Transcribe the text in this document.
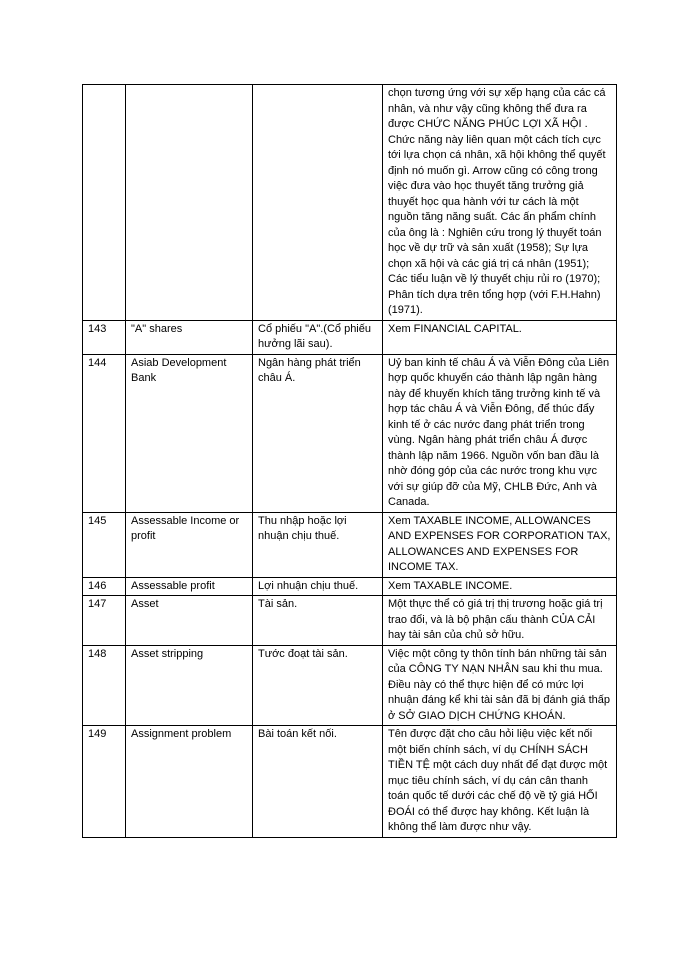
			chọn tương ứng với sự xếp hạng của các cá nhân, và như vậy cũng không thể đưa ra được CHỨC NĂNG PHÚC LỢI XÃ HỘI . Chức năng này liên quan một cách tích cực tới lựa chọn cá nhân, xã hội không thể quyết định nó muốn gì. Arrow cũng có công trong việc đưa vào học thuyết tăng trưởng giả thuyết học qua hành với tư cách là một nguồn tăng năng suất. Các ấn phẩm chính của ông là : Nghiên cứu trong lý thuyết toán học về dự trữ và sản xuất (1958); Sự lựa chọn xã hội và các giá trị cá nhân (1951); Các tiểu luận về lý thuyết chịu rủi ro (1970); Phân tích dựa trên tổng hợp (với F.H.Hahn) (1971).
143	"A" shares	Cổ phiếu "A".(Cổ phiếu hưởng lãi sau).	Xem FINANCIAL CAPITAL.
144	Asiab Development Bank	Ngân hàng phát triển châu Á.	Uỷ ban kinh tế châu Á và Viễn Đông của Liên hợp quốc khuyến cáo thành lập ngân hàng này để khuyến khích tăng trưởng kinh tế và hợp tác châu Á và Viễn Đông, để thúc đẩy kinh tế ở các nước đang phát triển trong vùng. Ngân hàng phát triển châu Á được thành lập năm 1966. Nguồn vốn ban đầu là nhờ đóng góp của các nước trong khu vực với sự giúp đỡ của Mỹ, CHLB Đức, Anh và Canada.
145	Assessable Income or profit	Thu nhập hoặc lợi nhuận chịu thuế.	Xem TAXABLE INCOME, ALLOWANCES AND EXPENSES FOR CORPORATION TAX, ALLOWANCES AND EXPENSES FOR INCOME TAX.
146	Assessable profit	Lợi nhuận chịu thuế.	Xem TAXABLE INCOME.
147	Asset	Tài sản.	Một thực thể có giá trị thị trương hoặc giá trị trao đổi, và là bộ phận cấu thành CỦA CẢI hay tài sản của chủ sở hữu.
148	Asset stripping	Tước đoạt tài sản.	Việc một công ty thôn tính bán những tài sản của CÔNG TY NẠN NHÂN sau khi thu mua. Điều này có thể thực hiện để có mức lợi nhuận đáng kể khi tài sản đã bị đánh giá thấp ở SỞ GIAO DỊCH CHỨNG KHOÁN.
149	Assignment problem	Bài toán kết nối.	Tên được đặt cho câu hỏi liệu việc kết nối một biến chính sách, ví dụ CHÍNH SÁCH TIỀN TỆ một cách duy nhất để đạt được một mục tiêu chính sách, ví dụ cán cân thanh toán quốc tế dưới các chế độ về tỷ giá HỐI ĐOÁI có thể được hay không. Kết luận là không thể làm được như vậy.
